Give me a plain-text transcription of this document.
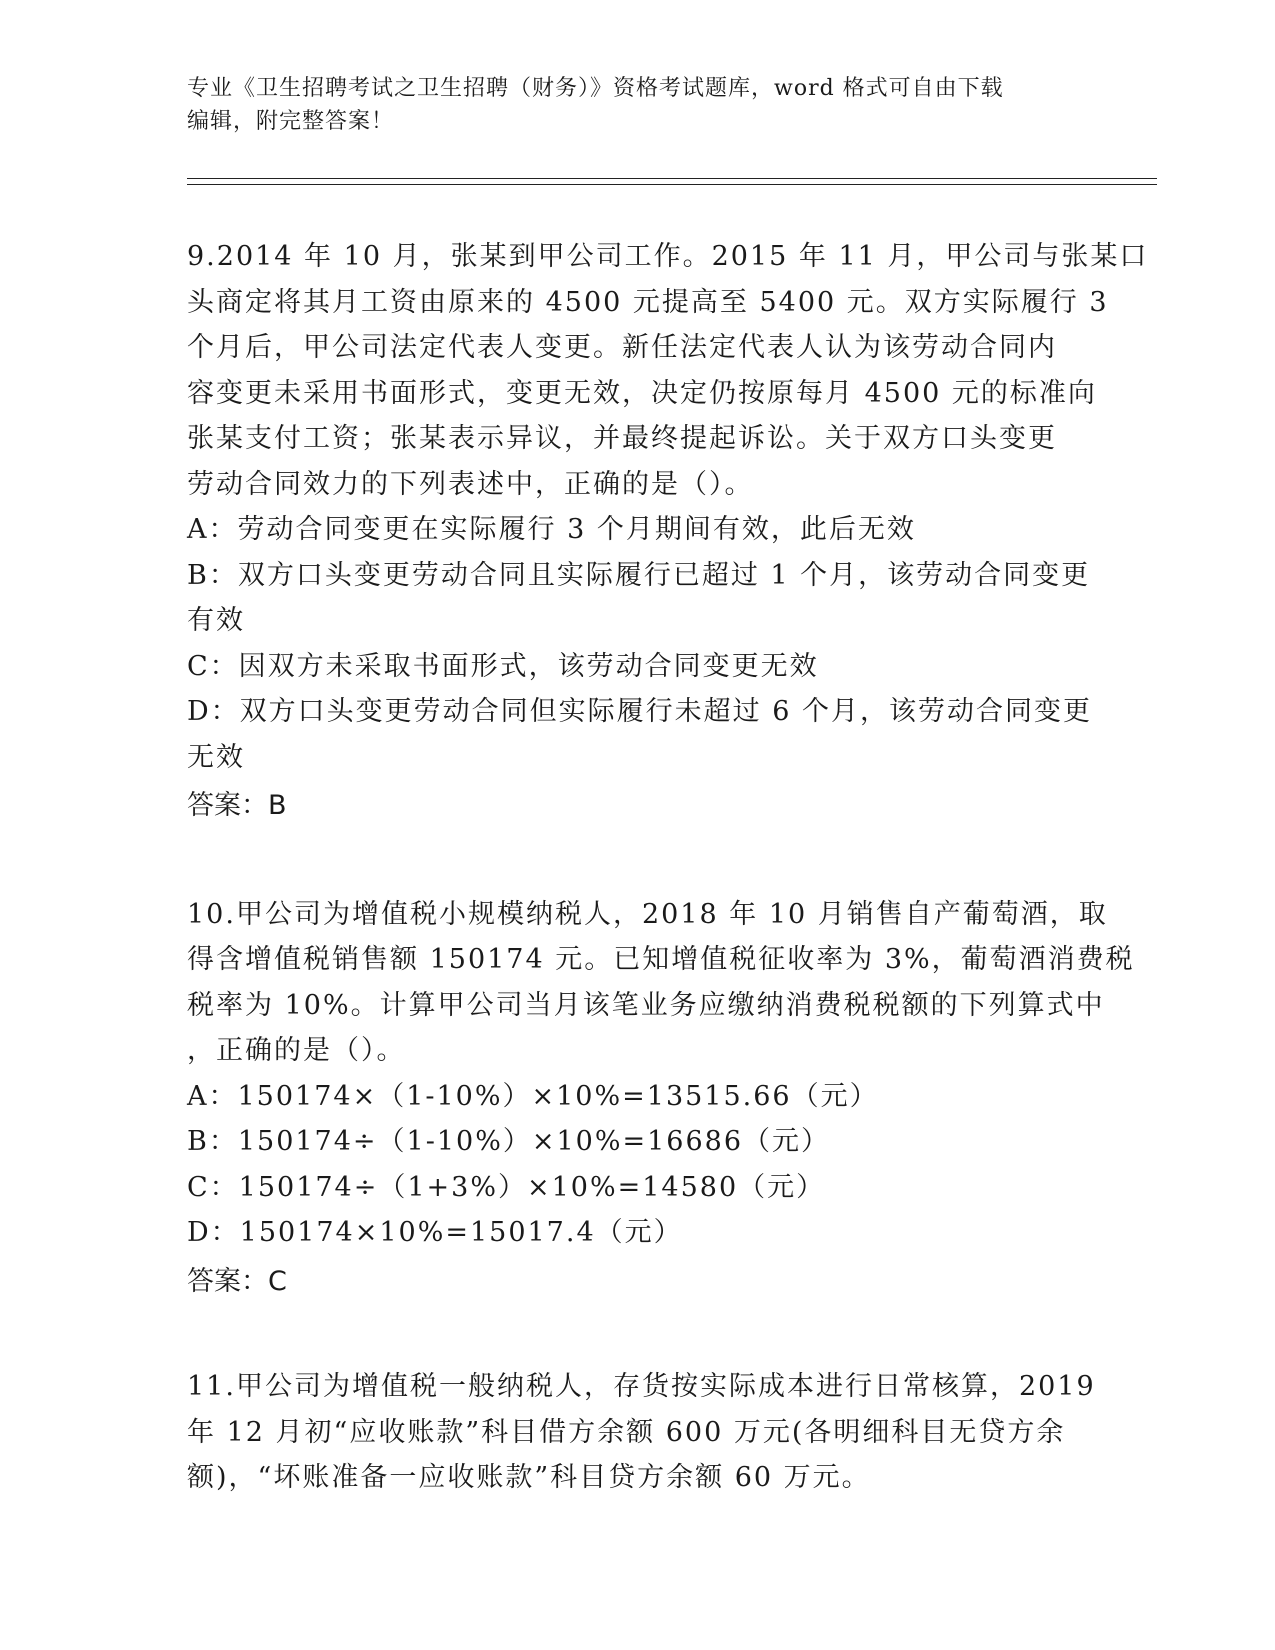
专业《卫生招聘考试之卫生招聘（财务）》资格考试题库，word 格式可自由下载
编辑，附完整答案！
9.2014 年 10 月，张某到甲公司工作。2015 年 11 月，甲公司与张某口
头商定将其月工资由原来的 4500 元提高至 5400 元。双方实际履行 3
个月后，甲公司法定代表人变更。新任法定代表人认为该劳动合同内
容变更未采用书面形式，变更无效，决定仍按原每月 4500 元的标准向
张某支付工资；张某表示异议，并最终提起诉讼。关于双方口头变更
劳动合同效力的下列表述中，正确的是（）。
A：劳动合同变更在实际履行 3 个月期间有效，此后无效
B：双方口头变更劳动合同且实际履行已超过 1 个月，该劳动合同变更
有效
C：因双方未采取书面形式，该劳动合同变更无效
D：双方口头变更劳动合同但实际履行未超过 6 个月，该劳动合同变更
无效
答案：B
10.甲公司为增值税小规模纳税人，2018 年 10 月销售自产葡萄酒，取
得含增值税销售额 150174 元。已知增值税征收率为 3%，葡萄酒消费税
税率为 10%。计算甲公司当月该笔业务应缴纳消费税税额的下列算式中
，正确的是（）。
A：150174×（1-10%）×10%=13515.66（元）
B：150174÷（1-10%）×10%=16686（元）
C：150174÷（1+3%）×10%=14580（元）
D：150174×10%=15017.4（元）
答案：C
11.甲公司为增值税一般纳税人，存货按实际成本进行日常核算，2019
年 12 月初“应收账款”科目借方余额 600 万元(各明细科目无贷方余
额)，“坏账准备一应收账款”科目贷方余额 60 万元。
